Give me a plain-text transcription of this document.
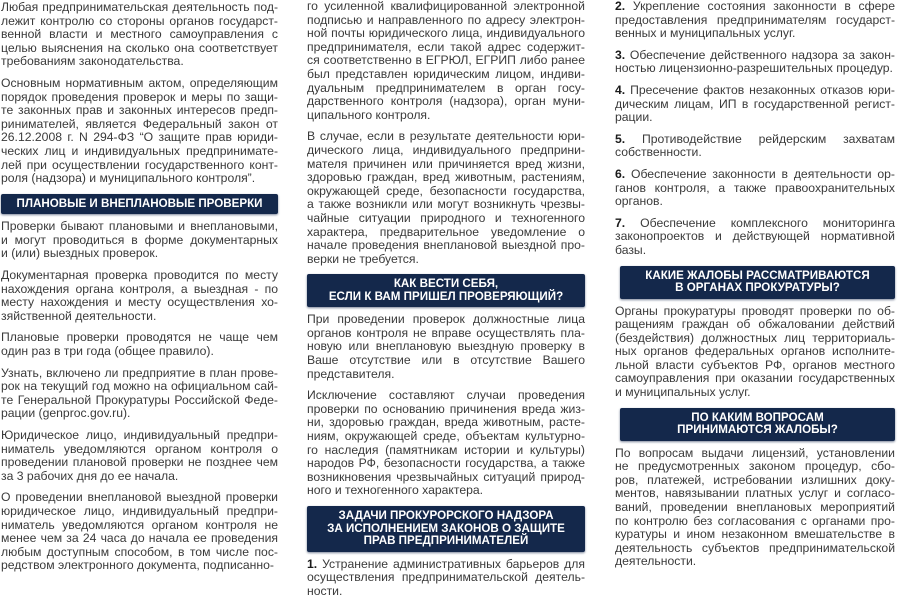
Любая предпринимательская деятельность под-
лежит контролю со стороны органов государст-
венной власти и местного самоуправления с
целью выяснения на сколько она соответствует
требованиям законодательства.
Основным нормативным актом, определяющим
порядок проведения проверок и меры по защи-
те законных прав и законных интересов предп-
ринимателей, является Федеральный закон от
26.12.2008 г. N 294-ФЗ “О защите прав юриди-
ческих лиц и индивидуальных предпринимате-
лей при осуществлении государственного конт-
роля (надзора) и муниципального контроля”.
ПЛАНОВЫЕ И ВНЕПЛАНОВЫЕ ПРОВЕРКИ
Проверки бывают плановыми и внеплановыми,
и могут проводиться в форме документарных
и (или) выездных проверок.
Документарная проверка проводится по месту
нахождения органа контроля, а выездная - по
месту нахождения и месту осуществления хо-
зяйственной деятельности.
Плановые проверки проводятся не чаще чем
один раз в три года (общее правило).
Узнать, включено ли предприятие в план прове-
рок на текущий год можно на официальном сай-
те Генеральной Прокуратуры Российской Феде-
рации (genproc.gov.ru).
Юридическое лицо, индивидуальный предпри-
ниматель уведомляются органом контроля о
проведении плановой проверки не позднее чем
за 3 рабочих дня до ее начала.
О проведении внеплановой выездной проверки
юридическое лицо, индивидуальный предпри-
ниматель уведомляются органом контроля не
менее чем за 24 часа до начала ее проведения
любым доступным способом, в том числе пос-
редством электронного документа, подписанно-
го усиленной квалифицированной электронной
подписью и направленного по адресу электрон-
ной почты юридического лица, индивидуального
предпринимателя, если такой адрес содержит-
ся соответственно в ЕГРЮЛ, ЕГРИП либо ранее
был представлен юридическим лицом, индиви-
дуальным предпринимателем в орган госу-
дарственного контроля (надзора), орган муни-
ципального контроля.
В случае, если в результате деятельности юри-
дического лица, индивидуального предприни-
мателя причинен или причиняется вред жизни,
здоровью граждан, вред животным, растениям,
окружающей среде, безопасности государства,
а также возникли или могут возникнуть чрезвы-
чайные ситуации природного и техногенного
характера, предварительное уведомление о
начале проведения внеплановой выездной про-
верки не требуется.
КАК ВЕСТИ СЕБЯ,
ЕСЛИ К ВАМ ПРИШЕЛ ПРОВЕРЯЮЩИЙ?
При проведении проверок должностные лица
органов контроля не вправе осуществлять пла-
новую или внеплановую выездную проверку в
Ваше отсутствие или в отсутствие Вашего
представителя.
Исключение составляют случаи проведения
проверки по основанию причинения вреда жиз-
ни, здоровью граждан, вреда животным, расте-
ниям, окружающей среде, объектам культурно-
го наследия (памятникам истории и культуры)
народов РФ, безопасности государства, а также
возникновения чрезвычайных ситуаций природ-
ного и техногенного характера.
ЗАДАЧИ ПРОКУРОРСКОГО НАДЗОРА
ЗА ИСПОЛНЕНИЕМ ЗАКОНОВ О ЗАЩИТЕ
ПРАВ ПРЕДПРИНИМАТЕЛЕЙ
1. Устранение административных барьеров для
осуществления предпринимательской деятель-
ности.
2. Укрепление состояния законности в сфере
предоставления предпринимателям государст-
венных и муниципальных услуг.
3. Обеспечение действенного надзора за закон-
ностью лицензионно-разрешительных процедур.
4. Пресечение фактов незаконных отказов юри-
дическим лицам, ИП в государственной регист-
рации.
5. Противодействие рейдерским захватам
собственности.
6. Обеспечение законности в деятельности ор-
ганов контроля, а также правоохранительных
органов.
7. Обеспечение комплексного мониторинга
законопроектов и действующей нормативной
базы.
КАКИЕ ЖАЛОБЫ РАССМАТРИВАЮТСЯ
В ОРГАНАХ ПРОКУРАТУРЫ?
Органы прокуратуры проводят проверки по об-
ращениям граждан об обжаловании действий
(бездействия) должностных лиц территориаль-
ных органов федеральных органов исполните-
льной власти субъектов РФ, органов местного
самоуправления при оказании государственных
и муниципальных услуг.
ПО КАКИМ ВОПРОСАМ
ПРИНИМАЮТСЯ ЖАЛОБЫ?
По вопросам выдачи лицензий, установлении
не предусмотренных законом процедур, сбо-
ров, платежей, истребовании излишних доку-
ментов, навязывании платных услуг и согласо-
ваний, проведении внеплановых мероприятий
по контролю без согласования с органами про-
куратуры и ином незаконном вмешательстве в
деятельность субъектов предпринимательской
деятельности.
